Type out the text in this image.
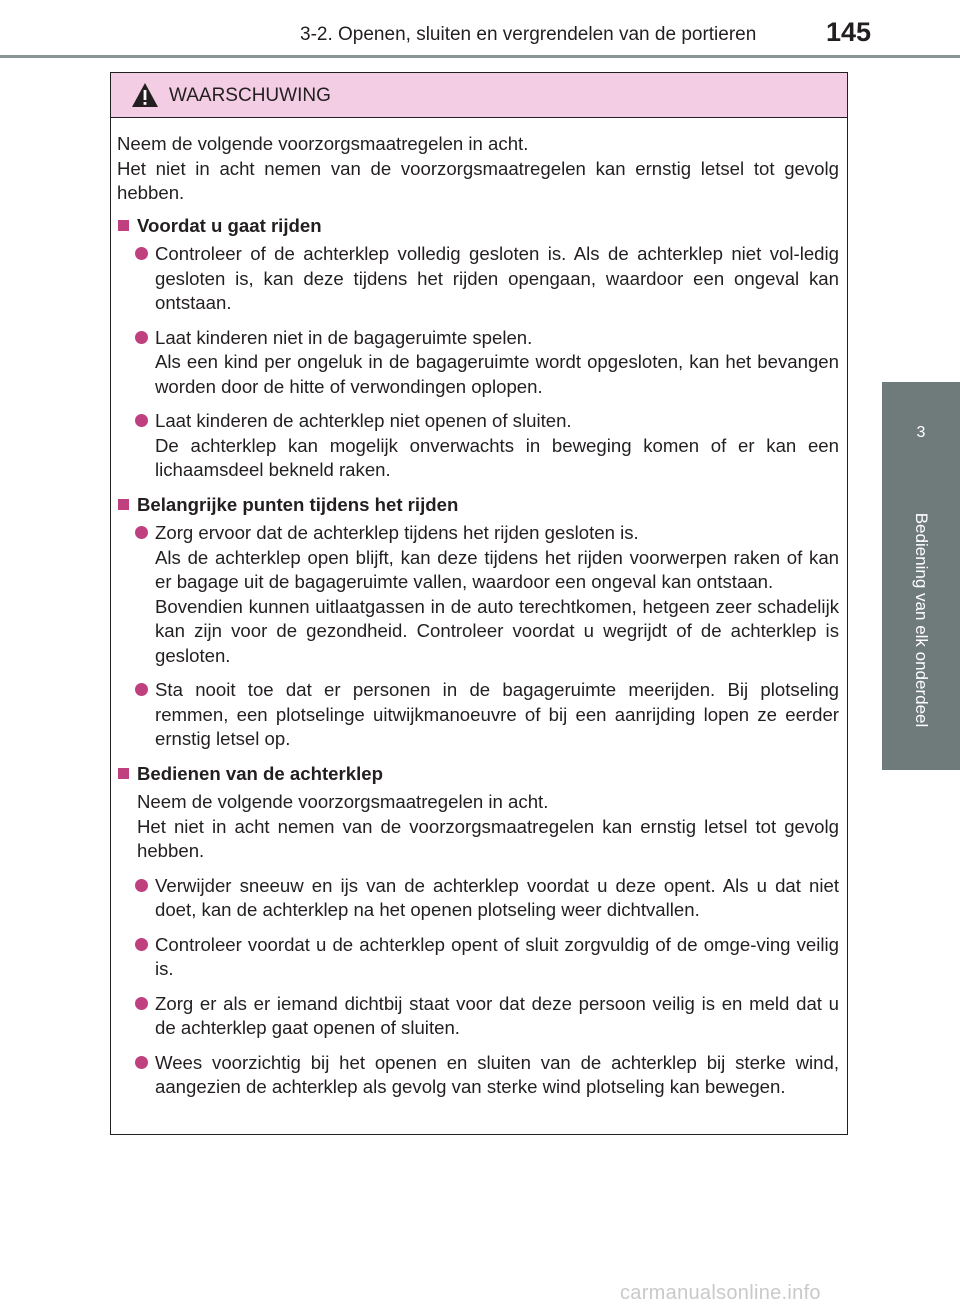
3-2. Openen, sluiten en vergrendelen van de portieren	145
3
Bediening van elk onderdeel
WAARSCHUWING

Neem de volgende voorzorgsmaatregelen in acht.
Het niet in acht nemen van de voorzorgsmaatregelen kan ernstig letsel tot gevolg hebben.

Voordat u gaat rijden

Controleer of de achterklep volledig gesloten is. Als de achterklep niet vol-ledig gesloten is, kan deze tijdens het rijden opengaan, waardoor een ongeval kan ontstaan.

Laat kinderen niet in de bagageruimte spelen.
Als een kind per ongeluk in de bagageruimte wordt opgesloten, kan het bevangen worden door de hitte of verwondingen oplopen.

Laat kinderen de achterklep niet openen of sluiten.
De achterklep kan mogelijk onverwachts in beweging komen of er kan een lichaamsdeel bekneld raken.

Belangrijke punten tijdens het rijden

Zorg ervoor dat de achterklep tijdens het rijden gesloten is.
Als de achterklep open blijft, kan deze tijdens het rijden voorwerpen raken of kan er bagage uit de bagageruimte vallen, waardoor een ongeval kan ontstaan.
Bovendien kunnen uitlaatgassen in de auto terechtkomen, hetgeen zeer schadelijk kan zijn voor de gezondheid. Controleer voordat u wegrijdt of de achterklep is gesloten.

Sta nooit toe dat er personen in de bagageruimte meerijden. Bij plotseling remmen, een plotselinge uitwijkmanoeuvre of bij een aanrijding lopen ze eerder ernstig letsel op.

Bedienen van de achterklep

Neem de volgende voorzorgsmaatregelen in acht.
Het niet in acht nemen van de voorzorgsmaatregelen kan ernstig letsel tot gevolg hebben.

Verwijder sneeuw en ijs van de achterklep voordat u deze opent. Als u dat niet doet, kan de achterklep na het openen plotseling weer dichtvallen.

Controleer voordat u de achterklep opent of sluit zorgvuldig of de omge-ving veilig is.

Zorg er als er iemand dichtbij staat voor dat deze persoon veilig is en meld dat u de achterklep gaat openen of sluiten.

Wees voorzichtig bij het openen en sluiten van de achterklep bij sterke wind, aangezien de achterklep als gevolg van sterke wind plotseling kan bewegen.

carmanualsonline.info
